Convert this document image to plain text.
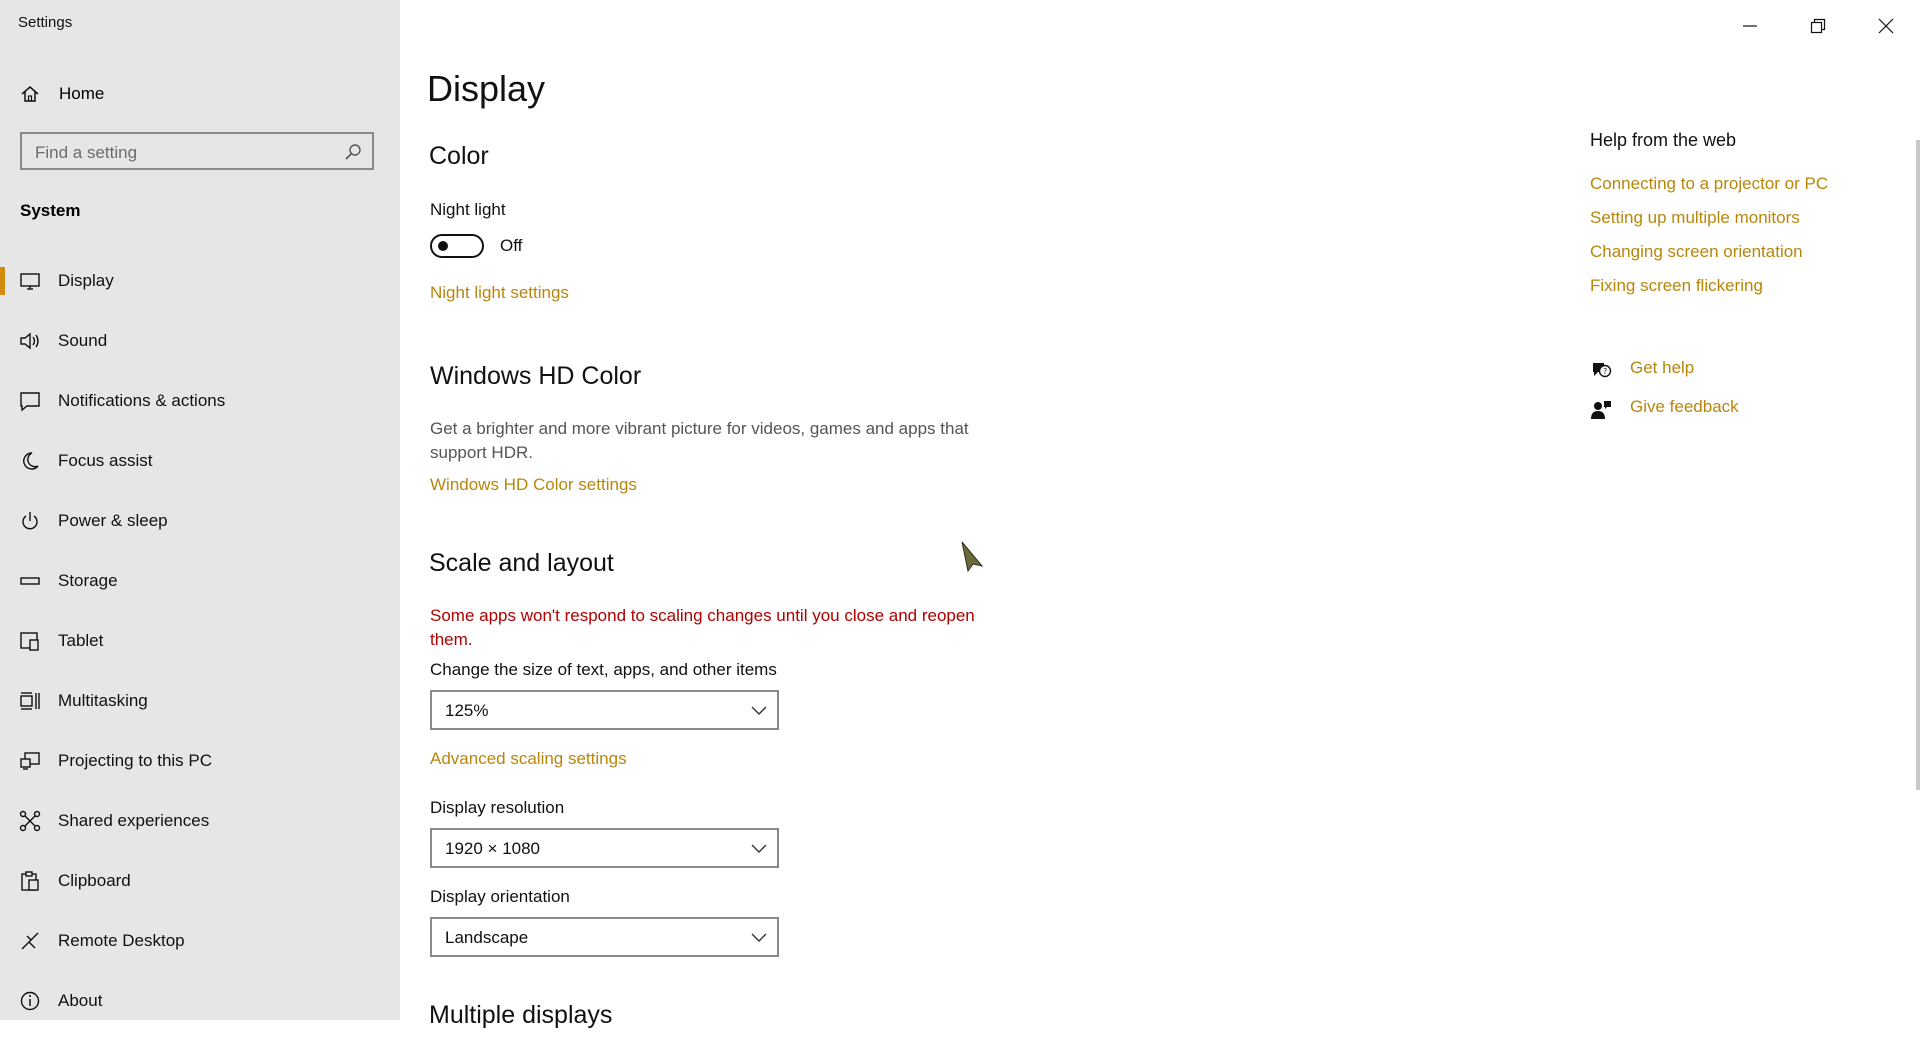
Settings
Home
Find a setting
System
Display
Sound
Notifications & actions
Focus assist
Power & sleep
Storage
Tablet
Multitasking
Projecting to this PC
Shared experiences
Clipboard
Remote Desktop
About
Display
Color
Night light
Off
Night light settings
Windows HD Color
Get a brighter and more vibrant picture for videos, games and apps that support HDR.
Windows HD Color settings
Scale and layout
Some apps won't respond to scaling changes until you close and reopen them.
Change the size of text, apps, and other items
125%
Advanced scaling settings
Display resolution
1920 × 1080
Display orientation
Landscape
Multiple displays
Help from the web
Connecting to a projector or PC
Setting up multiple monitors
Changing screen orientation
Fixing screen flickering
? Get help
Give feedback
